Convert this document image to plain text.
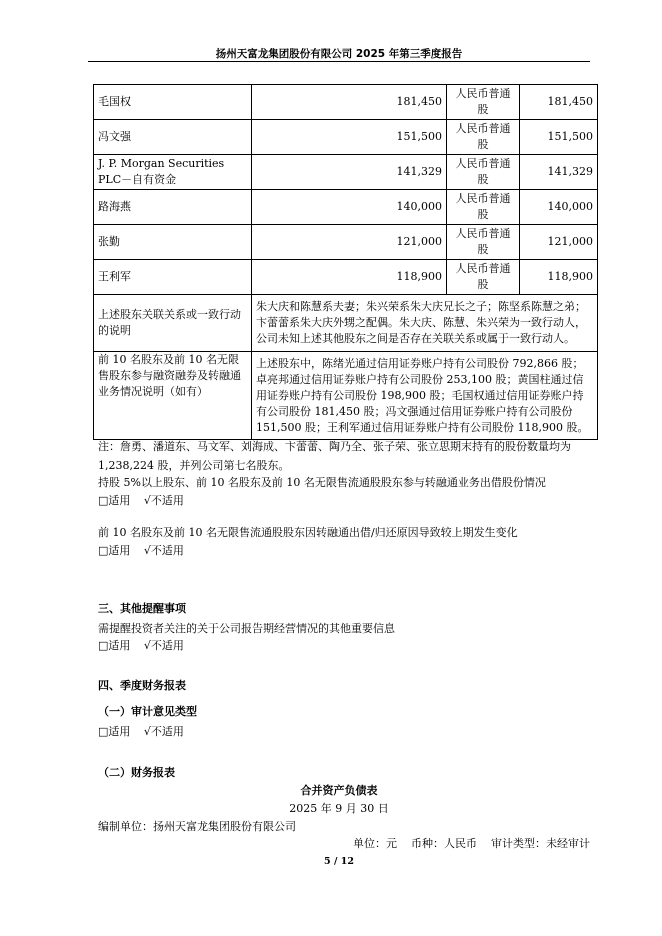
扬州天富龙集团股份有限公司 2025 年第三季度报告
毛国权	181,450	人民币普通股	181,450
冯文强	151,500	人民币普通股	151,500
J. P. Morgan Securities PLC－自有资金	141,329	人民币普通股	141,329
路海燕	140,000	人民币普通股	140,000
张勤	121,000	人民币普通股	121,000
王利军	118,900	人民币普通股	118,900
上述股东关联关系或一致行动的说明	朱大庆和陈慧系夫妻；朱兴荣系朱大庆兄长之子；陈坚系陈慧之弟；卞蕾蕾系朱大庆外甥之配偶。朱大庆、陈慧、朱兴荣为一致行动人，公司未知上述其他股东之间是否存在关联关系或属于一致行动人。		
前 10 名股东及前 10 名无限售股东参与融资融券及转融通业务情况说明（如有）	上述股东中，陈绪光通过信用证券账户持有公司股份 792,866 股；卓亮邦通过信用证券账户持有公司股份 253,100 股；黄国柱通过信用证券账户持有公司股份 198,900 股；毛国权通过信用证券账户持有公司股份 181,450 股；冯文强通过信用证券账户持有公司股份 151,500 股；王利军通过信用证券账户持有公司股份 118,900 股。		
注：詹勇、潘道东、马文军、刘海成、卞蕾蕾、陶乃全、张子荣、张立思期末持有的股份数量均为 1,238,224 股，并列公司第七名股东。
持股 5%以上股东、前 10 名股东及前 10 名无限售流通股股东参与转融通业务出借股份情况
□适用 √不适用
前 10 名股东及前 10 名无限售流通股股东因转融通出借/归还原因导致较上期发生变化
□适用 √不适用
三、其他提醒事项
需提醒投资者关注的关于公司报告期经营情况的其他重要信息
□适用 √不适用
四、季度财务报表
（一）审计意见类型
□适用 √不适用
（二）财务报表
合并资产负债表
2025 年 9 月 30 日
编制单位：扬州天富龙集团股份有限公司
单位：元 币种：人民币 审计类型：未经审计
5 / 12
